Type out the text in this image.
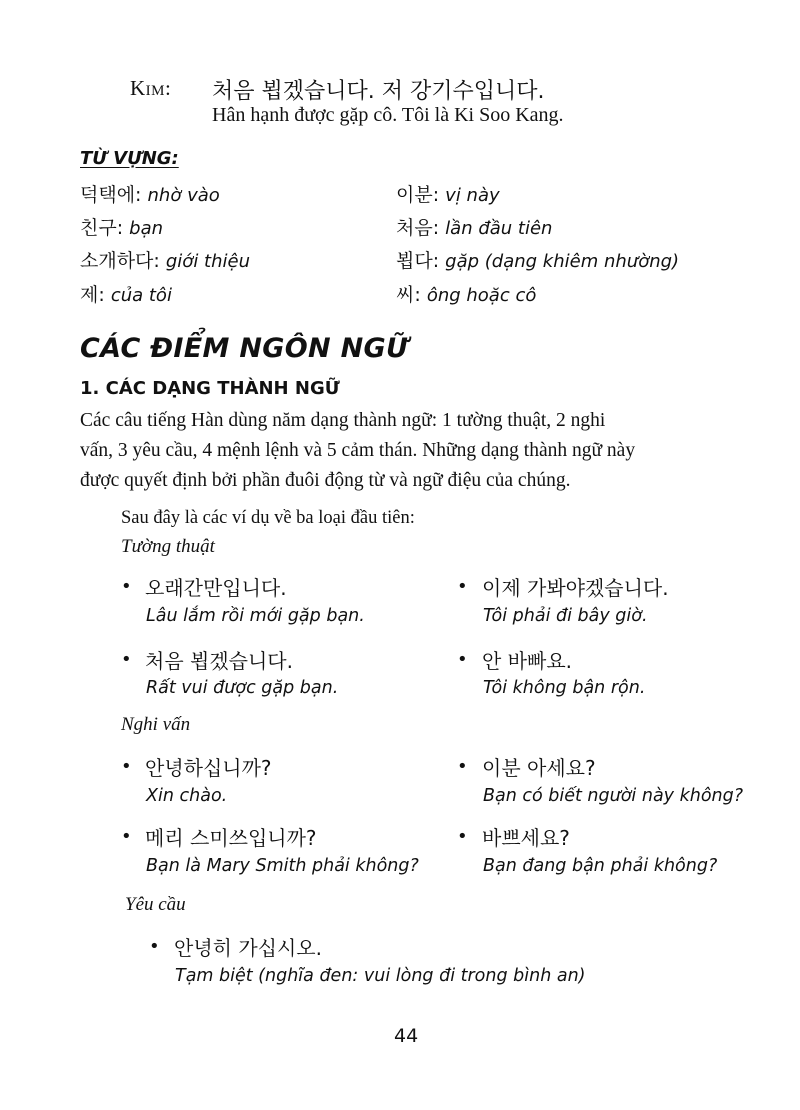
Kim: 처음 뵙겠습니다. 저 강기수입니다.
Hân hạnh được gặp cô. Tôi là Ki Soo Kang.
TỪ VỰNG:
덕택에: nhờ vào
친구: bạn
소개하다: giới thiệu
제: của tôi
이분: vị này
처음: lần đầu tiên
뵙다: gặp (dạng khiêm nhường)
씨: ông hoặc cô
CÁC ĐIỂM NGÔN NGỮ
1. CÁC DẠNG THÀNH NGỮ
Các câu tiếng Hàn dùng năm dạng thành ngữ: 1 tường thuật, 2 nghi
vấn, 3 yêu cầu, 4 mệnh lệnh và 5 cảm thán. Những dạng thành ngữ này
được quyết định bởi phần đuôi động từ và ngữ điệu của chúng.
Sau đây là các ví dụ về ba loại đầu tiên:
Tường thuật
• 오래간만입니다.
Lâu lắm rồi mới gặp bạn.
• 이제 가봐야겠습니다.
Tôi phải đi bây giờ.
• 처음 뵙겠습니다.
Rất vui được gặp bạn.
• 안 바빠요.
Tôi không bận rộn.
Nghi vấn
• 안녕하십니까?
Xin chào.
• 이분 아세요?
Bạn có biết người này không?
• 메리 스미쓰입니까?
Bạn là Mary Smith phải không?
• 바쁘세요?
Bạn đang bận phải không?
Yêu cầu
• 안녕히 가십시오.
Tạm biệt (nghĩa đen: vui lòng đi trong bình an)
44
